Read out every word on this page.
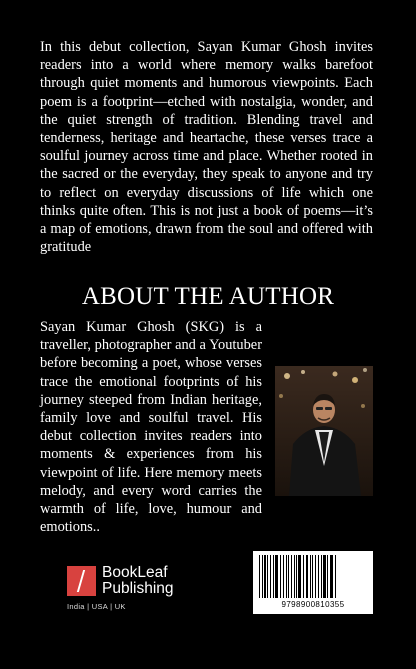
In this debut collection, Sayan Kumar Ghosh invites readers into a world where memory walks barefoot through quiet moments and humorous viewpoints. Each poem is a footprint—etched with nostalgia, wonder, and the quiet strength of tradition. Blending travel and tenderness, heritage and heartache, these verses trace a soulful journey across time and place. Whether rooted in the sacred or the everyday, they speak to anyone and try to reflect on everyday discussions of life which one thinks quite often. This is not just a book of poems—it’s a map of emotions, drawn from the soul and offered with gratitude

ABOUT THE AUTHOR

Sayan Kumar Ghosh (SKG) is a traveller, photographer and a Youtuber before becoming a poet, whose verses trace the emotional footprints of his journey steeped from Indian heritage, family love and soulful travel. His debut collection invites readers into moments & experiences from his viewpoint of life. Here memory meets melody, and every word carries the warmth of life, love, humour and emotions..

BookLeaf
Publishing
India | USA | UK	9798900810355
